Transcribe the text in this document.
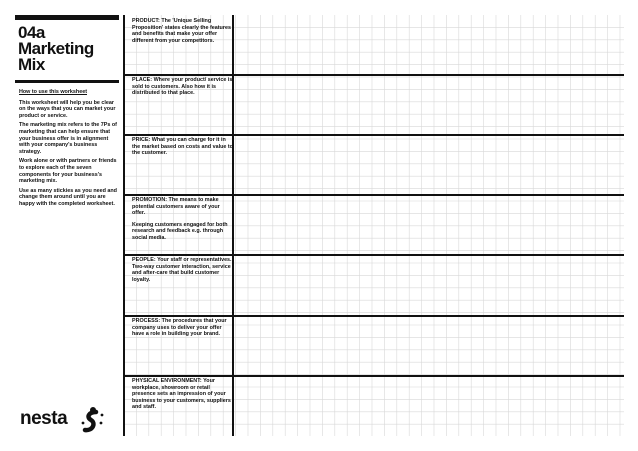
04a
Marketing
Mix
How to use this worksheet

This worksheet will help you be clear on the ways that you can market your product or service.

The marketing mix refers to the 7Ps of marketing that can help ensure that your business offer is in alignment with your company's business strategy.

Work alone or with partners or friends to explore each of the seven components for your business's marketing mix.

Use as many stickies as you need and change them around until you are happy with the completed worksheet.

nesta

PRODUCT: The 'Unique Selling Proposition' states clearly the features and benefits that make your offer different from your competitors.

PLACE: Where your product/ service is sold to customers. Also how it is distributed to that place.

PRICE: What you can charge for it in the market based on costs and value to the customer.

PROMOTION: The means to make potential customers aware of your offer.

Keeping customers engaged for both research and feedback e.g. through social media.

PEOPLE: Your staff or representatives. Two-way customer interaction, service and after-care that build customer loyalty.

PROCESS: The procedures that your company uses to deliver your offer have a role in building your brand.

PHYSICAL ENVIRONMENT: Your workplace, showroom or retail presence sets an impression of your business to your customers, suppliers and staff.
